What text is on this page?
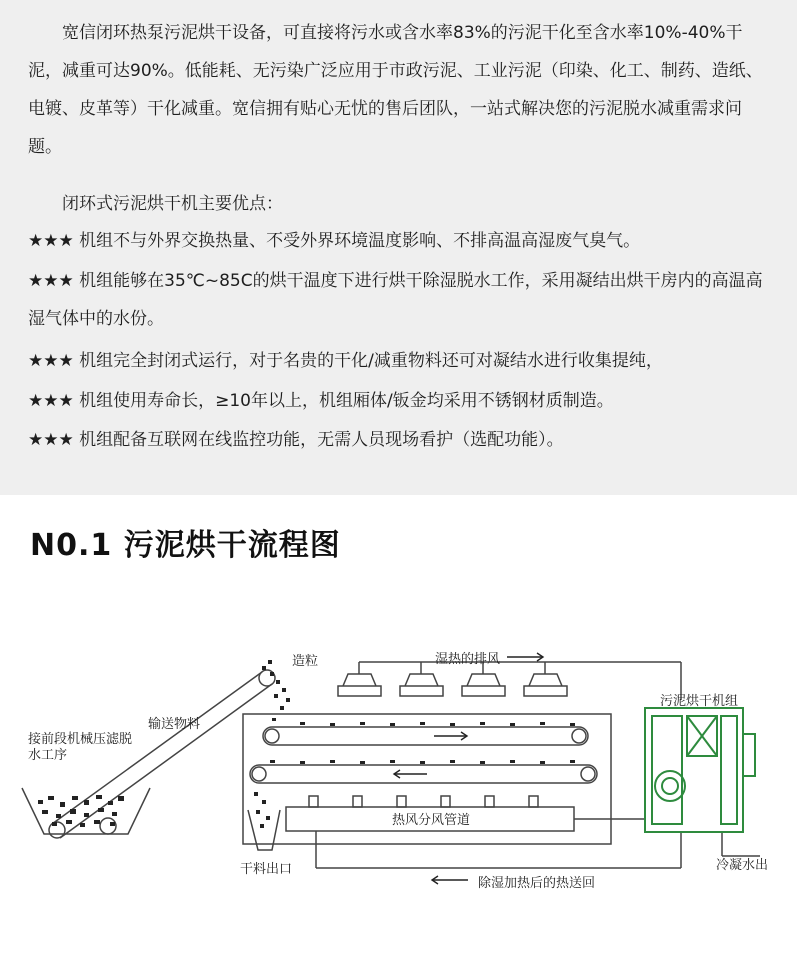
宽信闭环热泵污泥烘干设备，可直接将污水或含水率83%的污泥干化至含水率10%-40%干泥，减重可达90%。低能耗、无污染广泛应用于市政污泥、工业污泥（印染、化工、制药、造纸、电镀、皮革等）干化减重。宽信拥有贴心无忧的售后团队，一站式解决您的污泥脱水减重需求问题。

闭环式污泥烘干机主要优点：

★★★ 机组不与外界交换热量、不受外界环境温度影响、不排高温高湿废气臭气。

★★★ 机组能够在35℃~85C的烘干温度下进行烘干除湿脱水工作，采用凝结出烘干房内的高温高湿气体中的水份。

★★★ 机组完全封闭式运行，对于名贵的干化/减重物料还可对凝结水进行收集提纯，

★★★ 机组使用寿命长，≥10年以上，机组厢体/钣金均采用不锈钢材质制造。

★★★ 机组配备互联网在线监控功能，无需人员现场看护（选配功能）。

N0.1 污泥烘干流程图
接前段机械压滤脱水工序
输送物料
造粒	湿热的排风
污泥烘干机组
热风分风管道
干料出口	冷凝水出
除湿加热后的热送回
